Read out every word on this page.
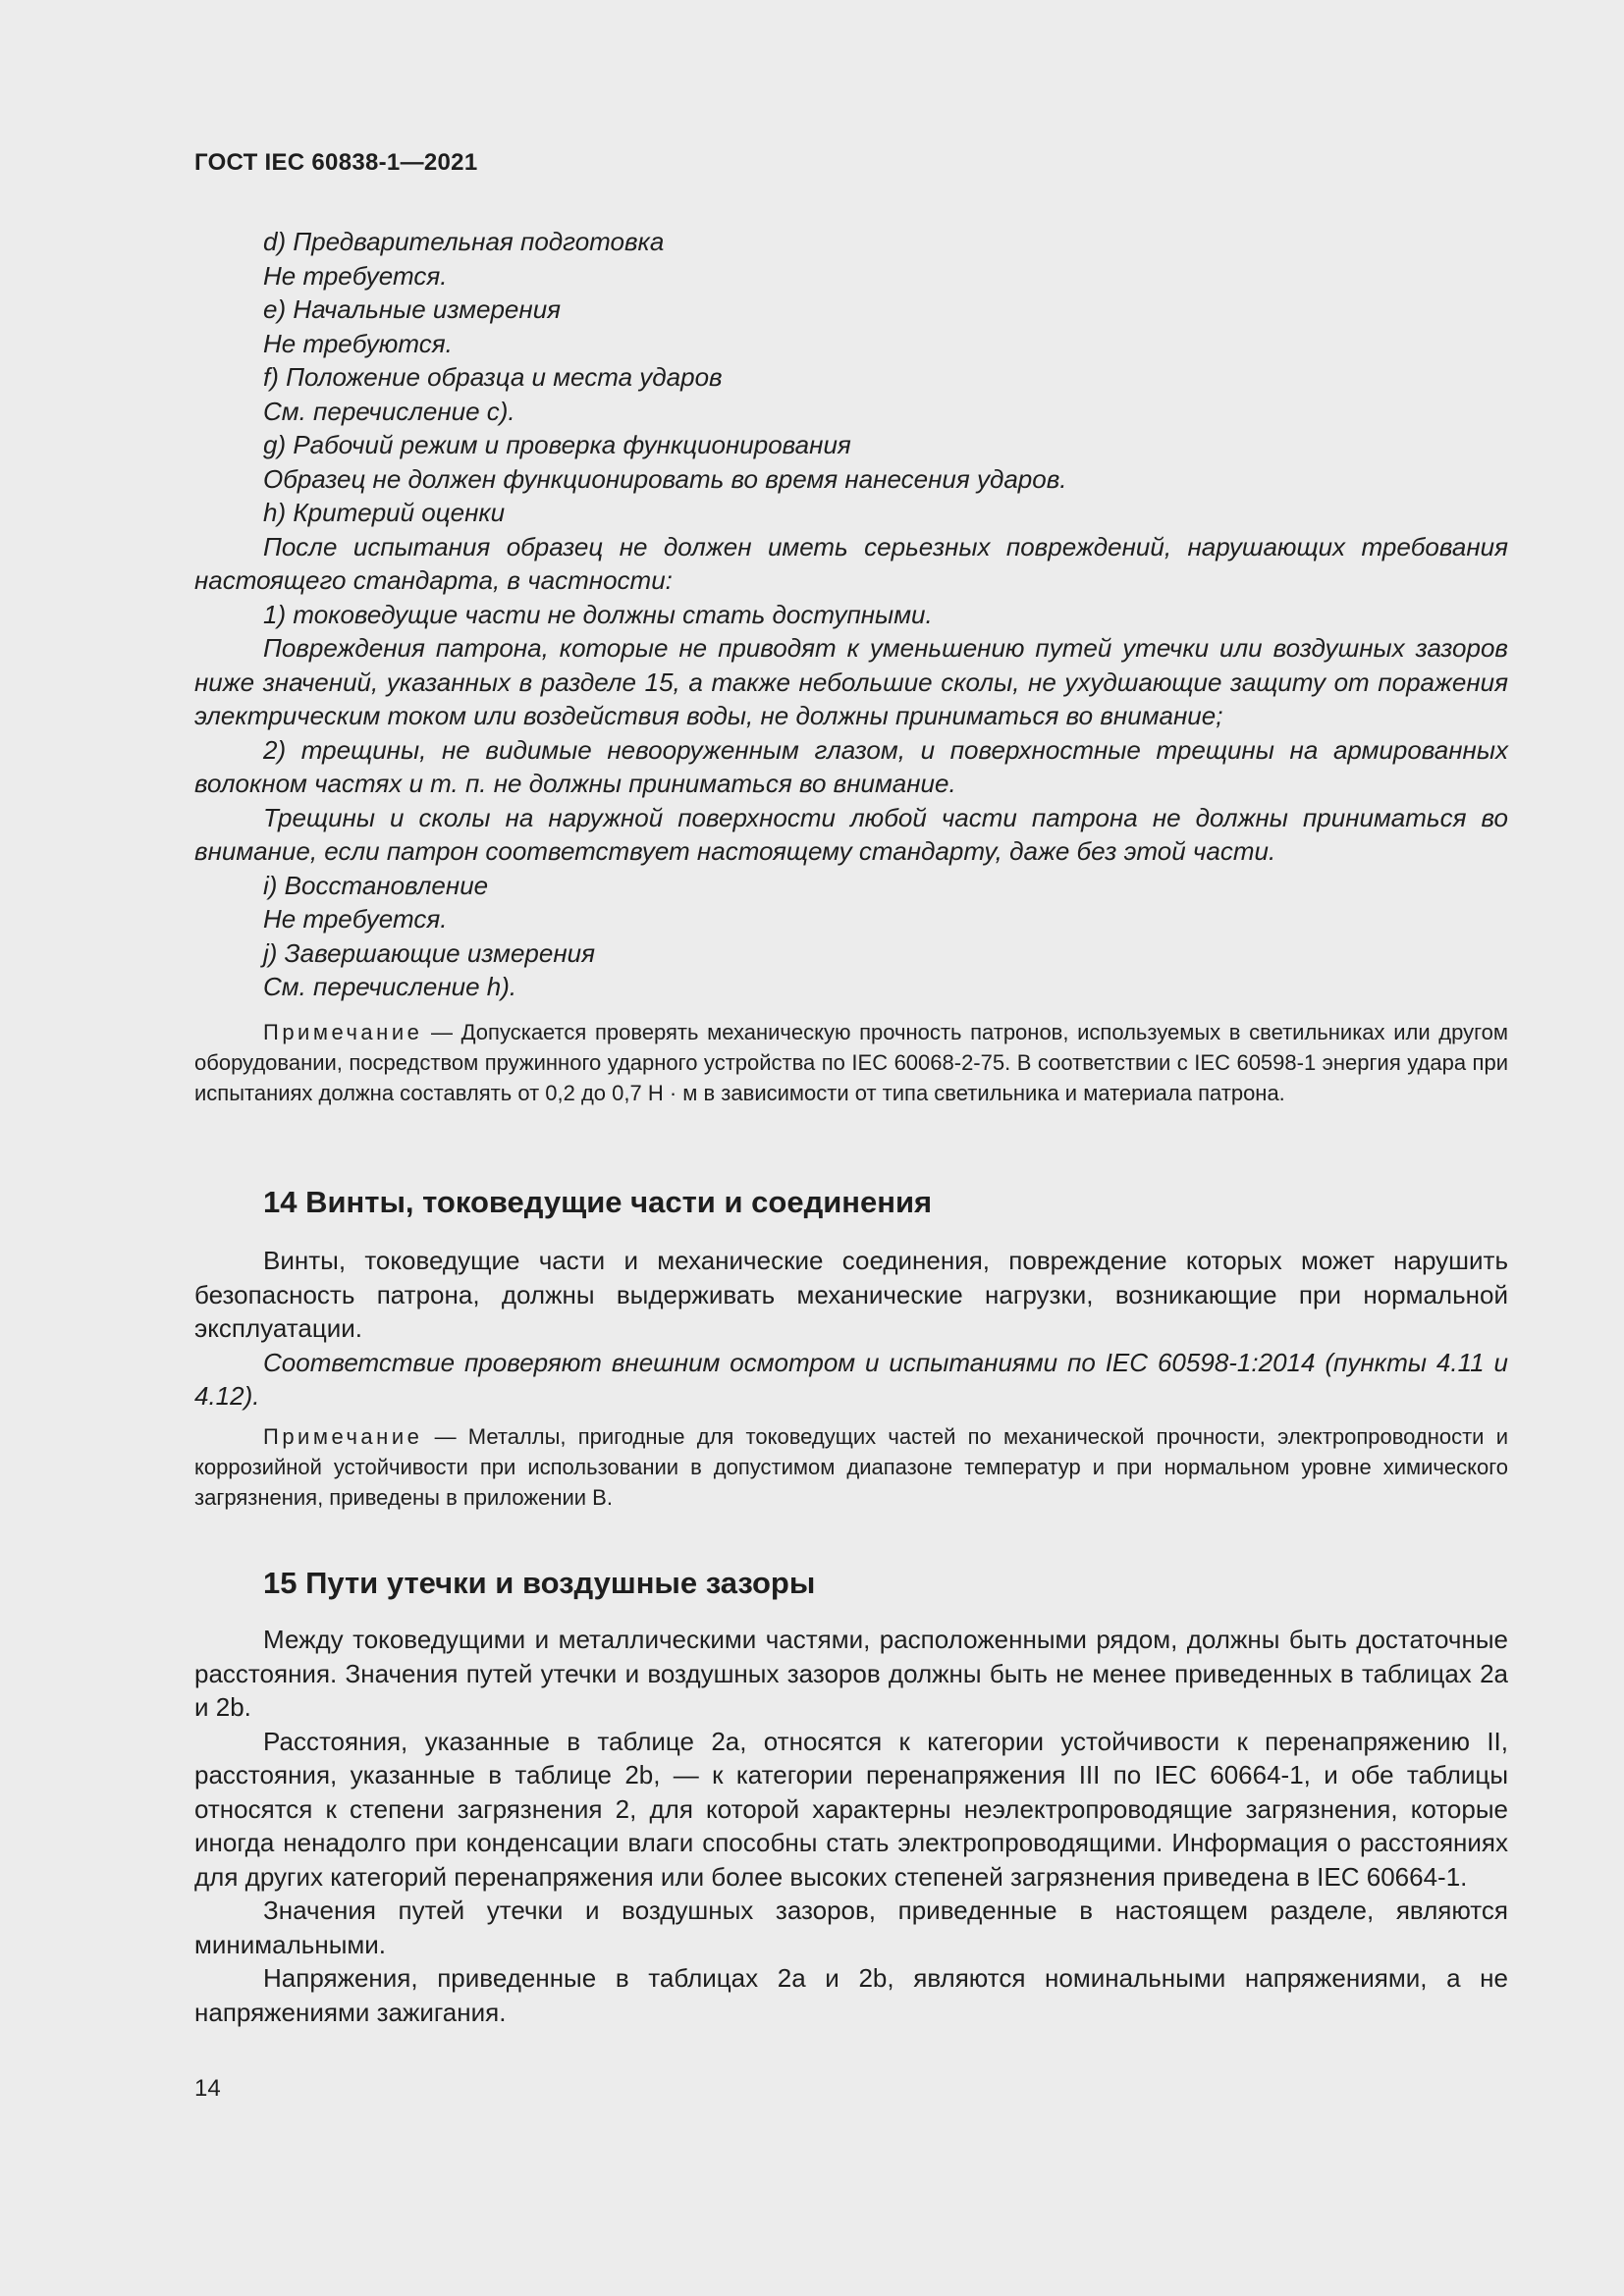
ГОСТ IEC 60838-1—2021

d) Предварительная подготовка

Не требуется.

e) Начальные измерения

Не требуются.

f) Положение образца и места ударов

См. перечисление c).

g) Рабочий режим и проверка функционирования

Образец не должен функционировать во время нанесения ударов.

h) Критерий оценки

После испытания образец не должен иметь серьезных повреждений, нарушающих требования настоящего стандарта, в частности:

1) токоведущие части не должны стать доступными.

Повреждения патрона, которые не приводят к уменьшению путей утечки или воздушных зазоров ниже значений, указанных в разделе 15, а также небольшие сколы, не ухудшающие защиту от поражения электрическим током или воздействия воды, не должны приниматься во внимание;

2) трещины, не видимые невооруженным глазом, и поверхностные трещины на армированных волокном частях и т. п. не должны приниматься во внимание.

Трещины и сколы на наружной поверхности любой части патрона не должны приниматься во внимание, если патрон соответствует настоящему стандарту, даже без этой части.

i) Восстановление

Не требуется.

j) Завершающие измерения

См. перечисление h).

Примечание — Допускается проверять механическую прочность патронов, используемых в светильниках или другом оборудовании, посредством пружинного ударного устройства по IEC 60068-2-75. В соответствии с IEC 60598-1 энергия удара при испытаниях должна составлять от 0,2 до 0,7 Н · м в зависимости от типа светильника и материала патрона.

14 Винты, токоведущие части и соединения

Винты, токоведущие части и механические соединения, повреждение которых может нарушить безопасность патрона, должны выдерживать механические нагрузки, возникающие при нормальной эксплуатации.

Соответствие проверяют внешним осмотром и испытаниями по IEC 60598-1:2014 (пункты 4.11 и 4.12).

Примечание — Металлы, пригодные для токоведущих частей по механической прочности, электропроводности и коррозийной устойчивости при использовании в допустимом диапазоне температур и при нормальном уровне химического загрязнения, приведены в приложении В.

15 Пути утечки и воздушные зазоры

Между токоведущими и металлическими частями, расположенными рядом, должны быть достаточные расстояния. Значения путей утечки и воздушных зазоров должны быть не менее приведенных в таблицах 2a и 2b.

Расстояния, указанные в таблице 2a, относятся к категории устойчивости к перенапряжению II, расстояния, указанные в таблице 2b, — к категории перенапряжения III по IEC 60664-1, и обе таблицы относятся к степени загрязнения 2, для которой характерны неэлектропроводящие загрязнения, которые иногда ненадолго при конденсации влаги способны стать электропроводящими. Информация о расстояниях для других категорий перенапряжения или более высоких степеней загрязнения приведена в IEC 60664-1.

Значения путей утечки и воздушных зазоров, приведенные в настоящем разделе, являются минимальными.

Напряжения, приведенные в таблицах 2a и 2b, являются номинальными напряжениями, а не напряжениями зажигания.

14
